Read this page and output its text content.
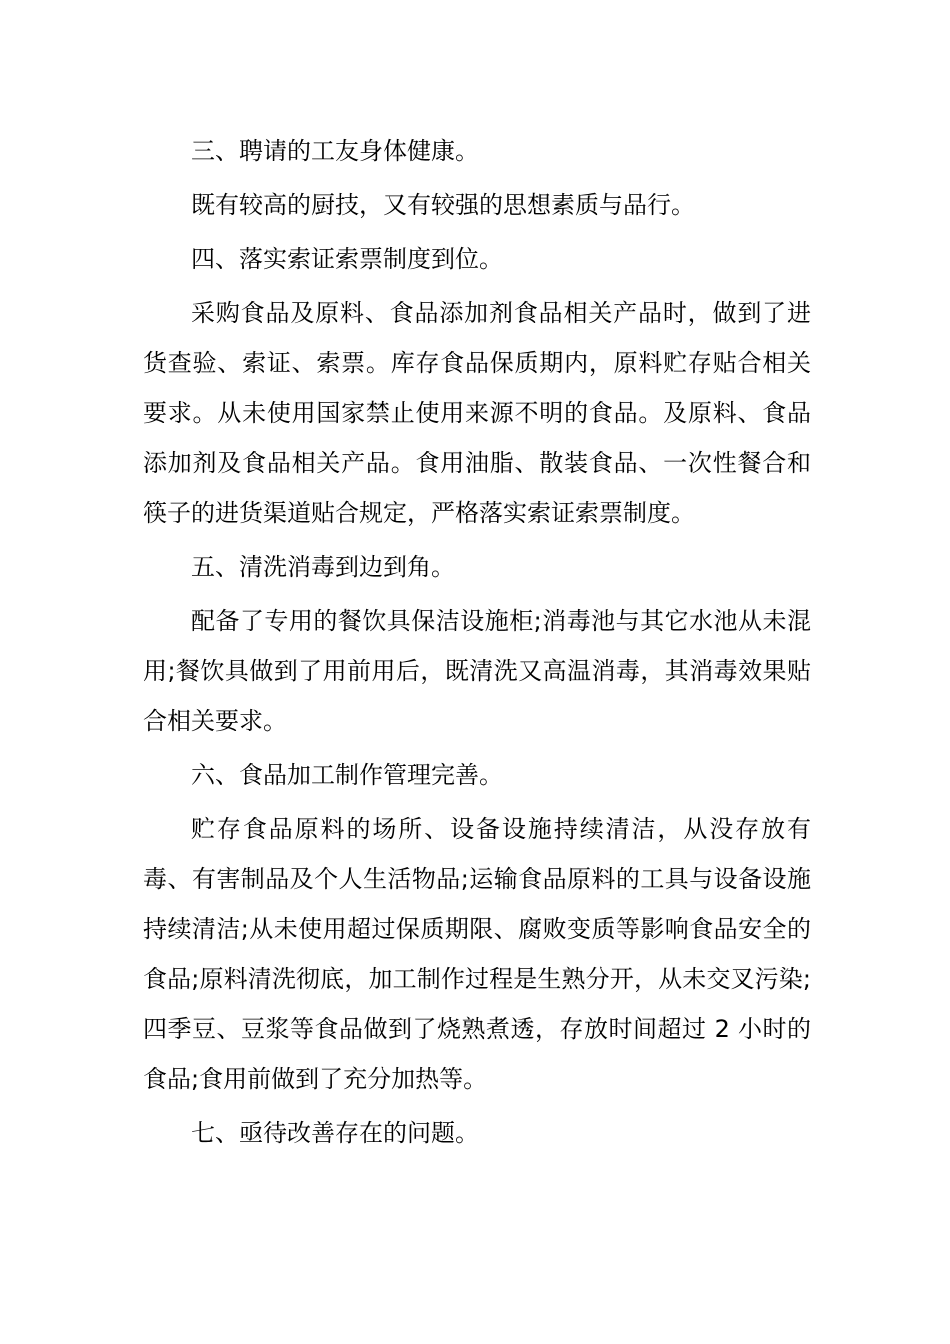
三、聘请的工友身体健康。

既有较高的厨技，又有较强的思想素质与品行。

四、落实索证索票制度到位。

采购食品及原料、食品添加剂食品相关产品时，做到了进货查验、索证、索票。库存食品保质期内，原料贮存贴合相关要求。从未使用国家禁止使用来源不明的食品。及原料、食品添加剂及食品相关产品。食用油脂、散装食品、一次性餐合和筷子的进货渠道贴合规定，严格落实索证索票制度。

五、清洗消毒到边到角。

配备了专用的餐饮具保洁设施柜;消毒池与其它水池从未混用;餐饮具做到了用前用后，既清洗又高温消毒，其消毒效果贴合相关要求。

六、食品加工制作管理完善。

贮存食品原料的场所、设备设施持续清洁，从没存放有毒、有害制品及个人生活物品;运输食品原料的工具与设备设施持续清洁;从未使用超过保质期限、腐败变质等影响食品安全的食品;原料清洗彻底，加工制作过程是生熟分开，从未交叉污染;四季豆、豆浆等食品做到了烧熟煮透，存放时间超过 2 小时的食品;食用前做到了充分加热等。

七、亟待改善存在的问题。
